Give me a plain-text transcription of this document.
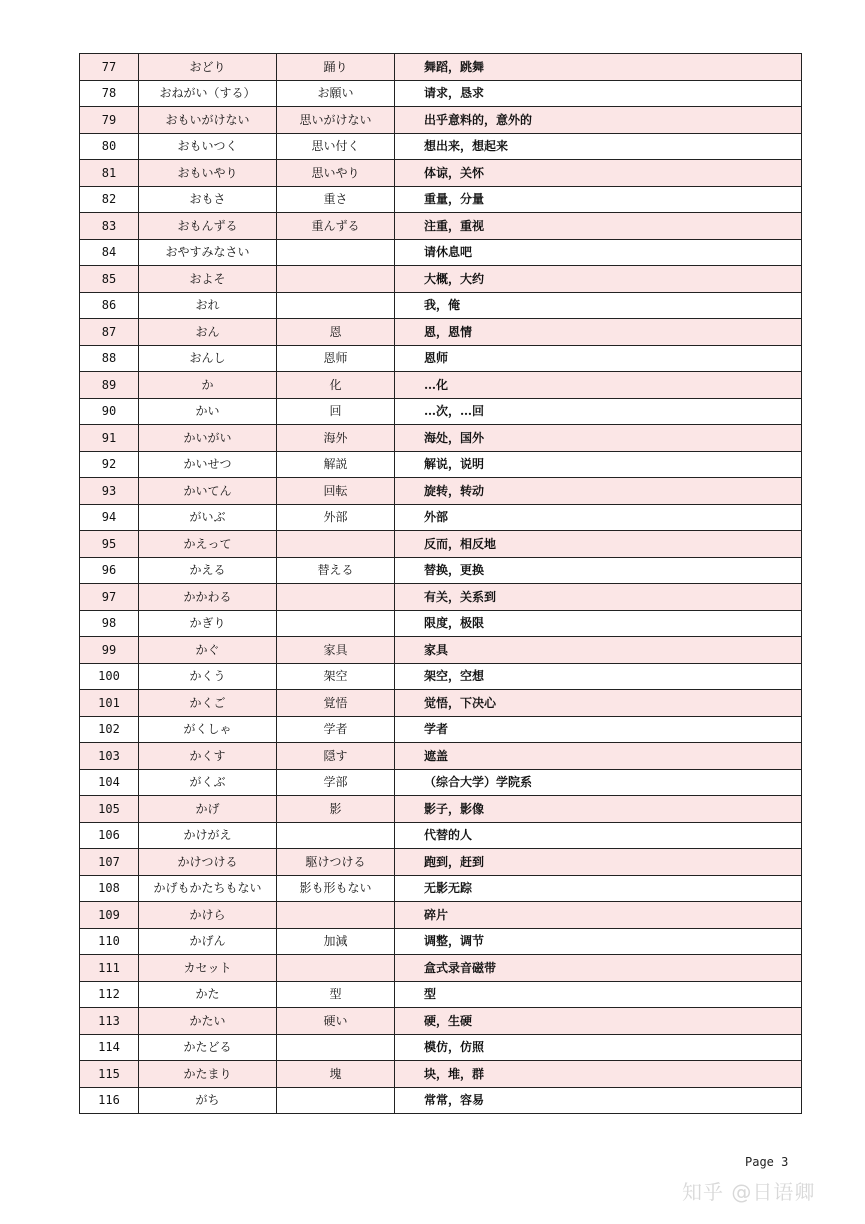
77	おどり	踊り	舞蹈，跳舞
78	おねがい（する）	お願い	请求，恳求
79	おもいがけない	思いがけない	出乎意料的，意外的
80	おもいつく	思い付く	想出来，想起来
81	おもいやり	思いやり	体谅，关怀
82	おもさ	重さ	重量，分量
83	おもんずる	重んずる	注重，重视
84	おやすみなさい		请休息吧
85	およそ		大概，大约
86	おれ		我，俺
87	おん	恩	恩，恩情
88	おんし	恩师	恩师
89	か	化	…化
90	かい	回	…次，…回
91	かいがい	海外	海处，国外
92	かいせつ	解説	解说，说明
93	かいてん	回転	旋转，转动
94	がいぶ	外部	外部
95	かえって		反而，相反地
96	かえる	替える	替换，更换
97	かかわる		有关，关系到
98	かぎり		限度，极限
99	かぐ	家具	家具
100	かくう	架空	架空，空想
101	かくご	覚悟	觉悟，下决心
102	がくしゃ	学者	学者
103	かくす	隠す	遮盖
104	がくぶ	学部	（综合大学）学院系
105	かげ	影	影子，影像
106	かけがえ		代替的人
107	かけつける	駆けつける	跑到，赶到
108	かげもかたちもない	影も形もない	无影无踪
109	かけら		碎片
110	かげん	加減	调整，调节
111	カセット		盒式录音磁带
112	かた	型	型
113	かたい	硬い	硬，生硬
114	かたどる		模仿，仿照
115	かたまり	塊	块，堆，群
116	がち		常常，容易
Page 3
知乎 @日语卿
